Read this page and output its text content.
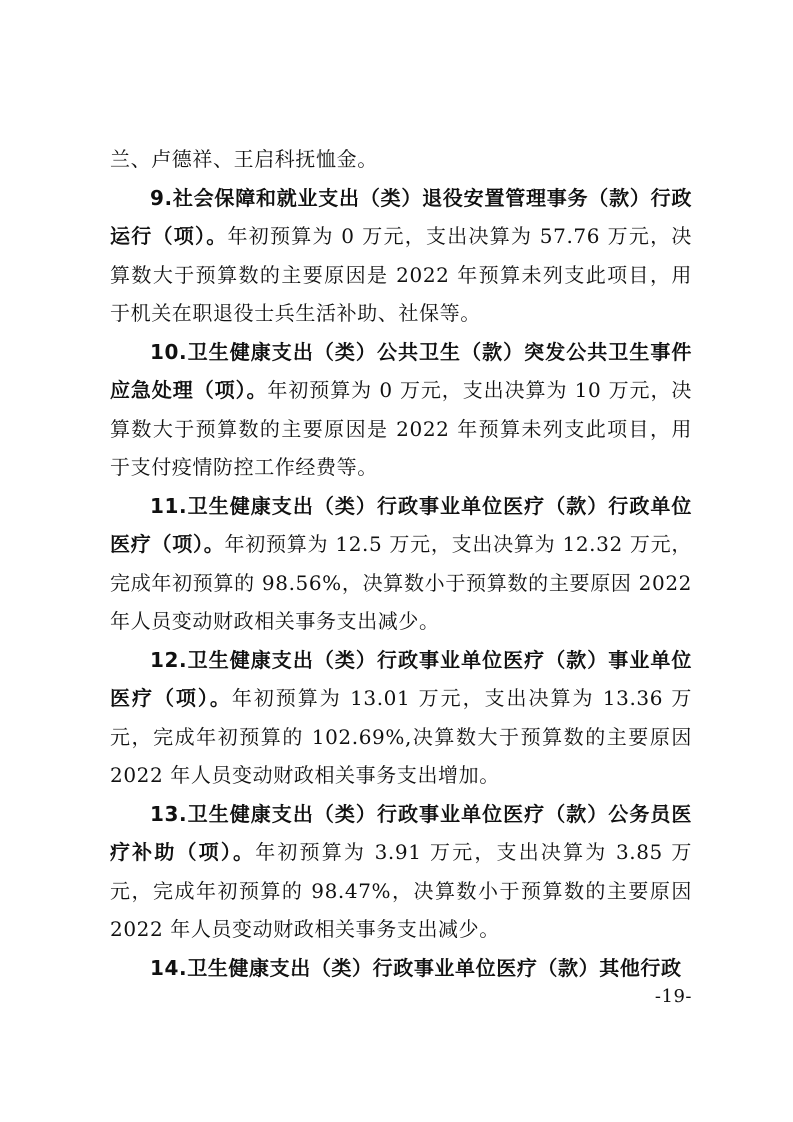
兰、卢德祥、王启科抚恤金。

9.社会保障和就业支出（类）退役安置管理事务（款）行政运行（项）。年初预算为 0 万元，支出决算为 57.76 万元，决算数大于预算数的主要原因是 2022 年预算未列支此项目，用于机关在职退役士兵生活补助、社保等。

10.卫生健康支出（类）公共卫生（款）突发公共卫生事件应急处理（项）。年初预算为 0 万元，支出决算为 10 万元，决算数大于预算数的主要原因是 2022 年预算未列支此项目，用于支付疫情防控工作经费等。

11.卫生健康支出（类）行政事业单位医疗（款）行政单位医疗（项）。年初预算为 12.5 万元，支出决算为 12.32 万元，完成年初预算的 98.56%，决算数小于预算数的主要原因 2022 年人员变动财政相关事务支出减少。

12.卫生健康支出（类）行政事业单位医疗（款）事业单位医疗（项）。年初预算为 13.01 万元，支出决算为 13.36 万元，完成年初预算的 102.69%,决算数大于预算数的主要原因 2022 年人员变动财政相关事务支出增加。

13.卫生健康支出（类）行政事业单位医疗（款）公务员医疗补助（项）。年初预算为 3.91 万元，支出决算为 3.85 万元，完成年初预算的 98.47%，决算数小于预算数的主要原因 2022 年人员变动财政相关事务支出减少。

14.卫生健康支出（类）行政事业单位医疗（款）其他行政

-19-
